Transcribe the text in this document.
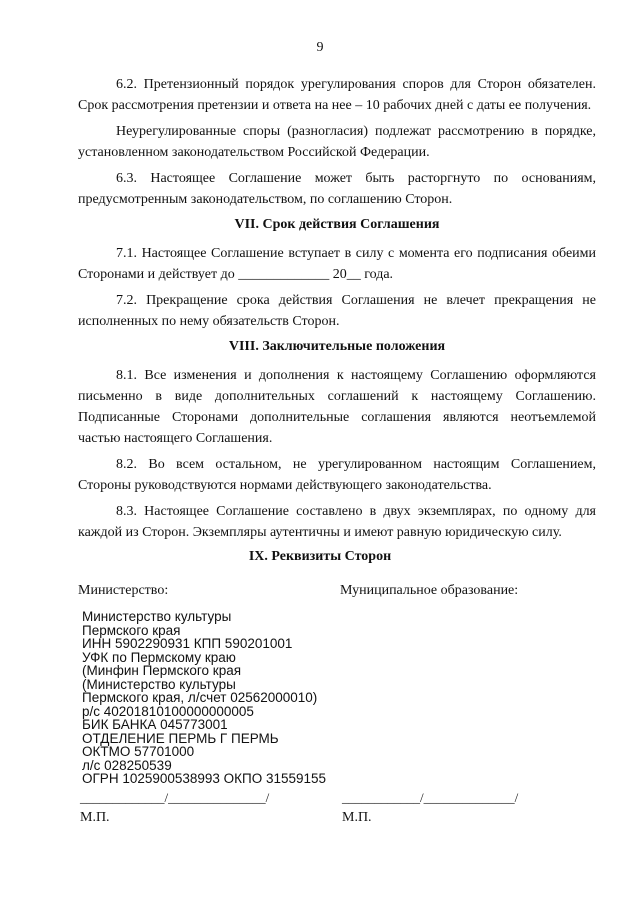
9

6.2. Претензионный порядок урегулирования споров для Сторон обязателен. Срок рассмотрения претензии и ответа на нее – 10 рабочих дней с даты ее получения.

Неурегулированные споры (разногласия) подлежат рассмотрению в порядке, установленном законодательством Российской Федерации.

6.3. Настоящее Соглашение может быть расторгнуто по основаниям, предусмотренным законодательством, по соглашению Сторон.

VII. Срок действия Соглашения

7.1. Настоящее Соглашение вступает в силу с момента его подписания обеими Сторонами и действует до _____________ 20__ года.

7.2. Прекращение срока действия Соглашения не влечет прекращения не исполненных по нему обязательств Сторон.

VIII. Заключительные положения

8.1. Все изменения и дополнения к настоящему Соглашению оформляются письменно в виде дополнительных соглашений к настоящему Соглашению. Подписанные Сторонами дополнительные соглашения являются неотъемлемой частью настоящего Соглашения.

8.2. Во всем остальном, не урегулированном настоящим Соглашением, Стороны руководствуются нормами действующего законодательства.

8.3. Настоящее Соглашение составлено в двух экземплярах, по одному для каждой из Сторон. Экземпляры аутентичны и имеют равную юридическую силу.

IX. Реквизиты Сторон
Министерство:	Муниципальное образование:
Министерство культуры
Пермского края
ИНН 5902290931 КПП 590201001
УФК по Пермскому краю
(Минфин Пермского края
(Министерство культуры
Пермского края, л/счет 02562000010)
р/с 40201810100000000005
БИК БАНКА 045773001
ОТДЕЛЕНИЕ ПЕРМЬ Г ПЕРМЬ
ОКТМО 57701000
л/с 028250539
ОГРН 1025900538993 ОКПО 31559155
_____________/_______________/	____________/______________/
М.П.	М.П.
